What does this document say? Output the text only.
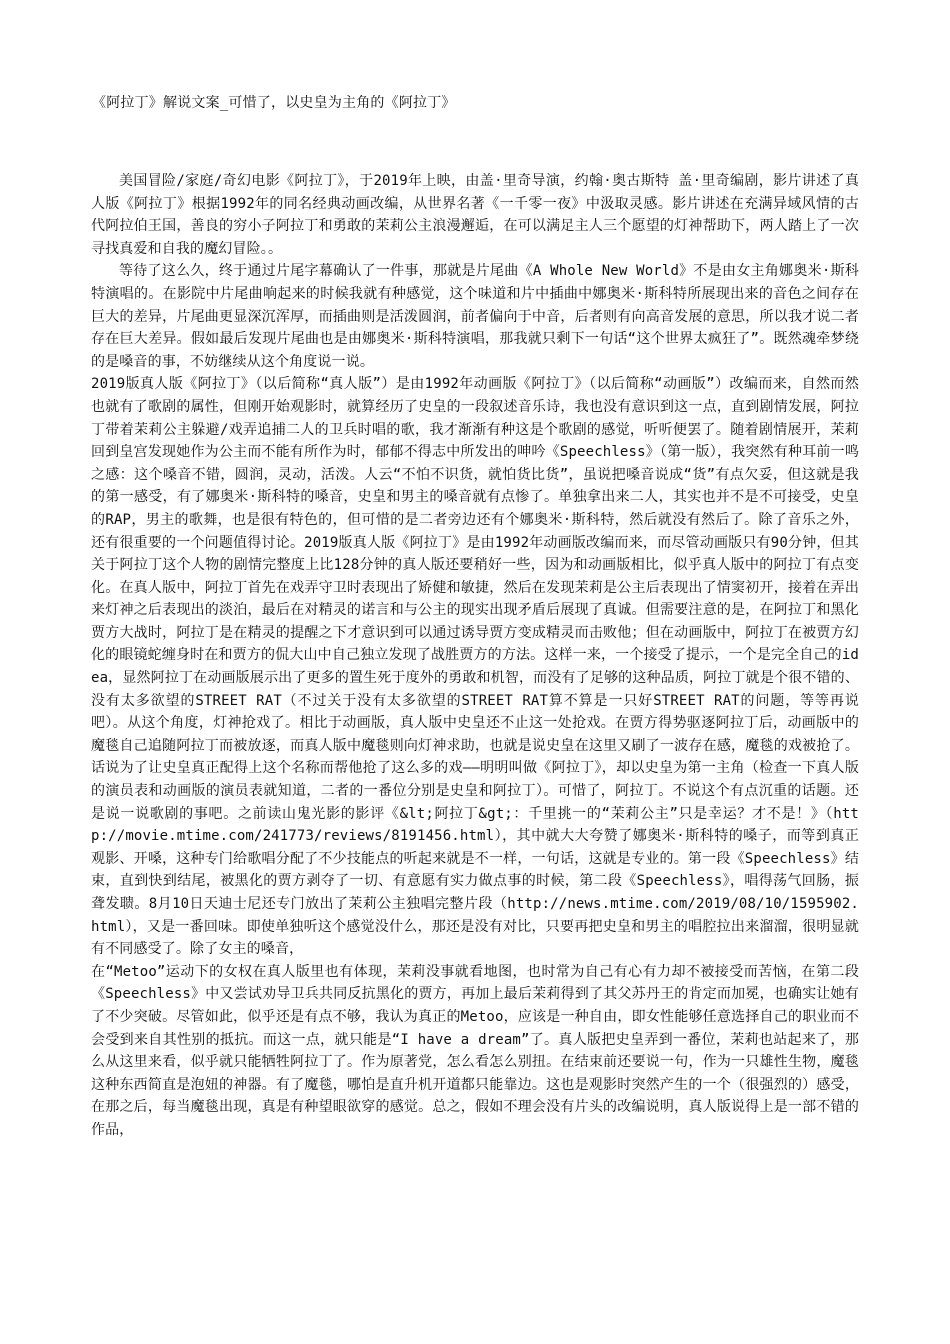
《阿拉丁》解说文案_可惜了，以史皇为主角的《阿拉丁》

美国冒险/家庭/奇幻电影《阿拉丁》，于2019年上映，由盖·里奇导演，约翰·奥古斯特 盖·里奇编剧，影片讲述了真人版《阿拉丁》根据1992年的同名经典动画改编，从世界名著《一千零一夜》中汲取灵感。影片讲述在充满异域风情的古代阿拉伯王国，善良的穷小子阿拉丁和勇敢的茉莉公主浪漫邂逅，在可以满足主人三个愿望的灯神帮助下，两人踏上了一次寻找真爱和自我的魔幻冒险。。

等待了这么久，终于通过片尾字幕确认了一件事，那就是片尾曲《A Whole New World》不是由女主角娜奥米·斯科特演唱的。在影院中片尾曲响起来的时候我就有种感觉，这个味道和片中插曲中娜奥米·斯科特所展现出来的音色之间存在巨大的差异，片尾曲更显深沉浑厚，而插曲则是活泼圆润，前者偏向于中音，后者则有向高音发展的意思，所以我才说二者存在巨大差异。假如最后发现片尾曲也是由娜奥米·斯科特演唱，那我就只剩下一句话“这个世界太疯狂了”。既然魂牵梦绕的是嗓音的事，不妨继续从这个角度说一说。

2019版真人版《阿拉丁》（以后简称“真人版”）是由1992年动画版《阿拉丁》（以后简称“动画版”）改编而来，自然而然也就有了歌剧的属性，但刚开始观影时，就算经历了史皇的一段叙述音乐诗，我也没有意识到这一点，直到剧情发展，阿拉丁带着茉莉公主躲避/戏弄追捕二人的卫兵时唱的歌，我才渐渐有种这是个歌剧的感觉，听听便罢了。随着剧情展开，茉莉回到皇宫发现她作为公主而不能有所作为时，郁郁不得志中所发出的呻吟《Speechless》（第一版），我突然有种耳前一鸣之感：这个嗓音不错，圆润，灵动，活泼。人云“不怕不识货，就怕货比货”，虽说把嗓音说成“货”有点欠妥，但这就是我的第一感受，有了娜奥米·斯科特的嗓音，史皇和男主的嗓音就有点惨了。单独拿出来二人，其实也并不是不可接受，史皇的RAP，男主的歌舞，也是很有特色的，但可惜的是二者旁边还有个娜奥米·斯科特，然后就没有然后了。除了音乐之外，还有很重要的一个问题值得讨论。2019版真人版《阿拉丁》是由1992年动画版改编而来，而尽管动画版只有90分钟，但其关于阿拉丁这个人物的剧情完整度上比128分钟的真人版还要稍好一些，因为和动画版相比，似乎真人版中的阿拉丁有点变化。在真人版中，阿拉丁首先在戏弄守卫时表现出了矫健和敏捷，然后在发现茉莉是公主后表现出了情窦初开，接着在弄出来灯神之后表现出的淡泊，最后在对精灵的诺言和与公主的现实出现矛盾后展现了真诚。但需要注意的是，在阿拉丁和黑化贾方大战时，阿拉丁是在精灵的提醒之下才意识到可以通过诱导贾方变成精灵而击败他；但在动画版中，阿拉丁在被贾方幻化的眼镜蛇缠身时在和贾方的侃大山中自己独立发现了战胜贾方的方法。这样一来，一个接受了提示，一个是完全自己的idea，显然阿拉丁在动画版展示出了更多的置生死于度外的勇敢和机智，而没有了足够的这种品质，阿拉丁就是个很不错的、没有太多欲望的STREET RAT（不过关于没有太多欲望的STREET RAT算不算是一只好STREET RAT的问题，等等再说吧）。从这个角度，灯神抢戏了。相比于动画版，真人版中史皇还不止这一处抢戏。在贾方得势驱逐阿拉丁后，动画版中的魔毯自己追随阿拉丁而被放逐，而真人版中魔毯则向灯神求助，也就是说史皇在这里又刷了一波存在感，魔毯的戏被抢了。话说为了让史皇真正配得上这个名称而帮他抢了这么多的戏——明明叫做《阿拉丁》，却以史皇为第一主角（检查一下真人版的演员表和动画版的演员表就知道，二者的一番位分别是史皇和阿拉丁）。可惜了，阿拉丁。不说这个有点沉重的话题。还是说一说歌剧的事吧。之前读山鬼光影的影评《&lt;阿拉丁&gt;：千里挑一的“茉莉公主”只是幸运？才不是！》（http://movie.mtime.com/241773/reviews/8191456.html），其中就大大夸赞了娜奥米·斯科特的嗓子，而等到真正观影、开嗓，这种专门给歌唱分配了不少技能点的听起来就是不一样，一句话，这就是专业的。第一段《Speechless》结束，直到快到结尾，被黑化的贾方剥夺了一切、有意愿有实力做点事的时候，第二段《Speechless》，唱得荡气回肠，振聋发聩。8月10日天迪士尼还专门放出了茉莉公主独唱完整片段（http://news.mtime.com/2019/08/10/1595902.html），又是一番回味。即使单独听这个感觉没什么，那还是没有对比，只要再把史皇和男主的唱腔拉出来溜溜，很明显就有不同感受了。除了女主的嗓音，

在“Metoo”运动下的女权在真人版里也有体现，茉莉没事就看地图，也时常为自己有心有力却不被接受而苦恼，在第二段《Speechless》中又尝试劝导卫兵共同反抗黑化的贾方，再加上最后茉莉得到了其父苏丹王的肯定而加冕，也确实让她有了不少突破。尽管如此，似乎还是有点不够，我认为真正的Metoo，应该是一种自由，即女性能够任意选择自己的职业而不会受到来自其性别的抵抗。而这一点，就只能是“I have a dream”了。真人版把史皇弄到一番位，茉莉也站起来了，那么从这里来看，似乎就只能牺牲阿拉丁了。作为原著党，怎么看怎么别扭。在结束前还要说一句，作为一只雄性生物，魔毯这种东西简直是泡妞的神器。有了魔毯，哪怕是直升机开道都只能靠边。这也是观影时突然产生的一个（很强烈的）感受，在那之后，每当魔毯出现，真是有种望眼欲穿的感觉。总之，假如不理会没有片头的改编说明，真人版说得上是一部不错的作品，
